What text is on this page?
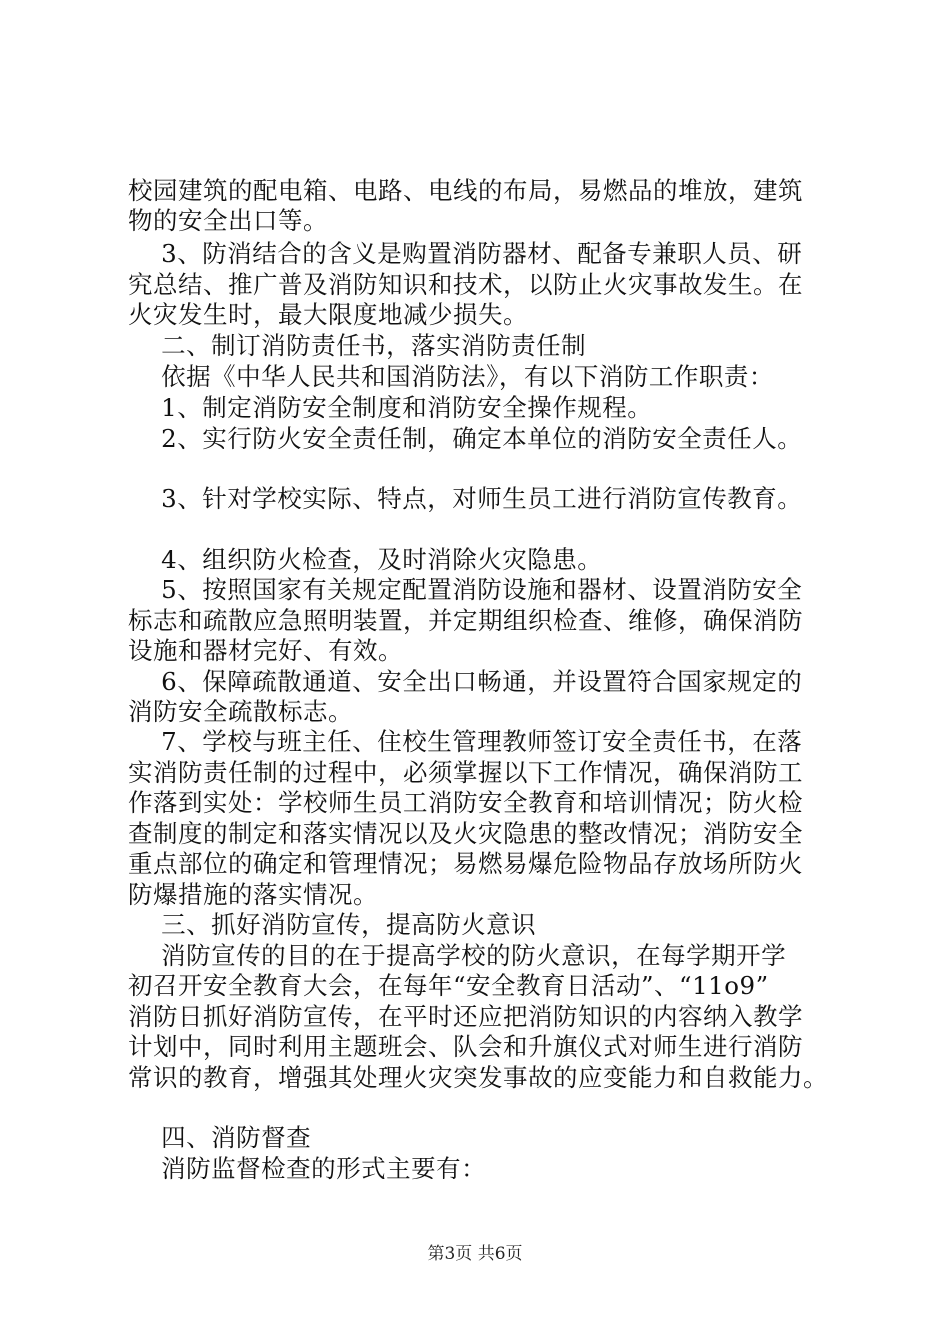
校园建筑的配电箱、电路、电线的布局，易燃品的堆放，建筑

物的安全出口等。

3、防消结合的含义是购置消防器材、配备专兼职人员、研

究总结、推广普及消防知识和技术，以防止火灾事故发生。在

火灾发生时，最大限度地减少损失。

二、制订消防责任书，落实消防责任制

依据《中华人民共和国消防法》，有以下消防工作职责：

1、制定消防安全制度和消防安全操作规程。

2、实行防火安全责任制，确定本单位的消防安全责任人。

3、针对学校实际、特点，对师生员工进行消防宣传教育。

4、组织防火检查，及时消除火灾隐患。

5、按照国家有关规定配置消防设施和器材、设置消防安全

标志和疏散应急照明装置，并定期组织检查、维修，确保消防

设施和器材完好、有效。

6、保障疏散通道、安全出口畅通，并设置符合国家规定的

消防安全疏散标志。

7、学校与班主任、住校生管理教师签订安全责任书，在落

实消防责任制的过程中，必须掌握以下工作情况，确保消防工

作落到实处：学校师生员工消防安全教育和培训情况；防火检

查制度的制定和落实情况以及火灾隐患的整改情况；消防安全

重点部位的确定和管理情况；易燃易爆危险物品存放场所防火

防爆措施的落实情况。

三、抓好消防宣传，提高防火意识

消防宣传的目的在于提高学校的防火意识，在每学期开学

初召开安全教育大会，在每年“安全教育日活动”、“11o9”

消防日抓好消防宣传，在平时还应把消防知识的内容纳入教学

计划中，同时利用主题班会、队会和升旗仪式对师生进行消防

常识的教育，增强其处理火灾突发事故的应变能力和自救能力。

四、消防督查

消防监督检查的形式主要有：

第3页 共6页
